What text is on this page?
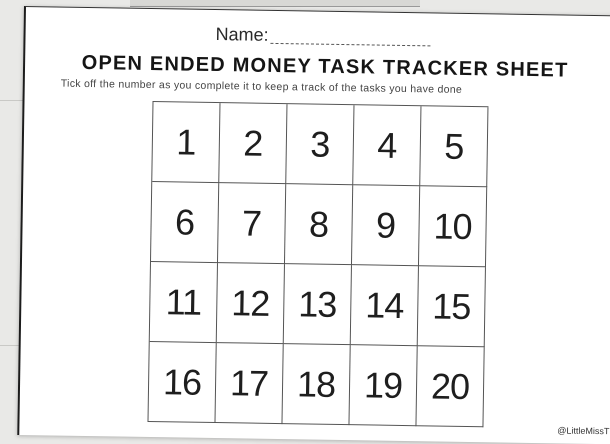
Name:
OPEN ENDED MONEY TASK TRACKER SHEET
Tick off the number as you complete it to keep a track of the tasks you have done
1	2	3	4	5
6	7	8	9	10
11 12 13 14 15
16 17 18 19 20
@LittleMissT
